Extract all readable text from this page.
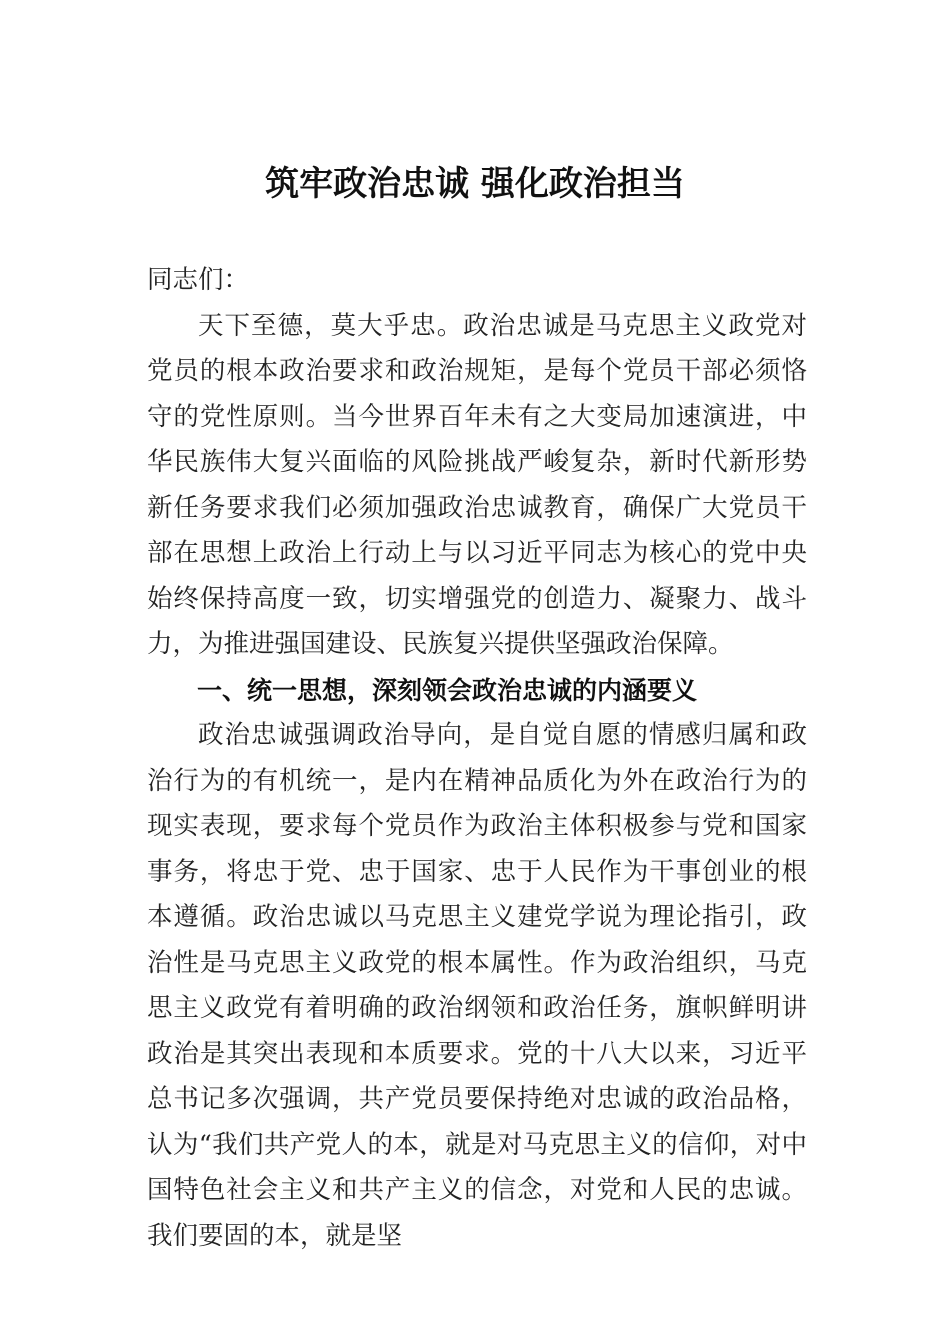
筑牢政治忠诚 强化政治担当

同志们：

天下至德，莫大乎忠。政治忠诚是马克思主义政党对党员的根本政治要求和政治规矩，是每个党员干部必须恪守的党性原则。当今世界百年未有之大变局加速演进，中华民族伟大复兴面临的风险挑战严峻复杂，新时代新形势新任务要求我们必须加强政治忠诚教育，确保广大党员干部在思想上政治上行动上与以习近平同志为核心的党中央始终保持高度一致，切实增强党的创造力、凝聚力、战斗力，为推进强国建设、民族复兴提供坚强政治保障。

一、统一思想，深刻领会政治忠诚的内涵要义

政治忠诚强调政治导向，是自觉自愿的情感归属和政治行为的有机统一，是内在精神品质化为外在政治行为的现实表现，要求每个党员作为政治主体积极参与党和国家事务，将忠于党、忠于国家、忠于人民作为干事创业的根本遵循。政治忠诚以马克思主义建党学说为理论指引，政治性是马克思主义政党的根本属性。作为政治组织，马克思主义政党有着明确的政治纲领和政治任务，旗帜鲜明讲政治是其突出表现和本质要求。党的十八大以来，习近平总书记多次强调，共产党员要保持绝对忠诚的政治品格，认为“我们共产党人的本，就是对马克思主义的信仰，对中国特色社会主义和共产主义的信念，对党和人民的忠诚。我们要固的本，就是坚
